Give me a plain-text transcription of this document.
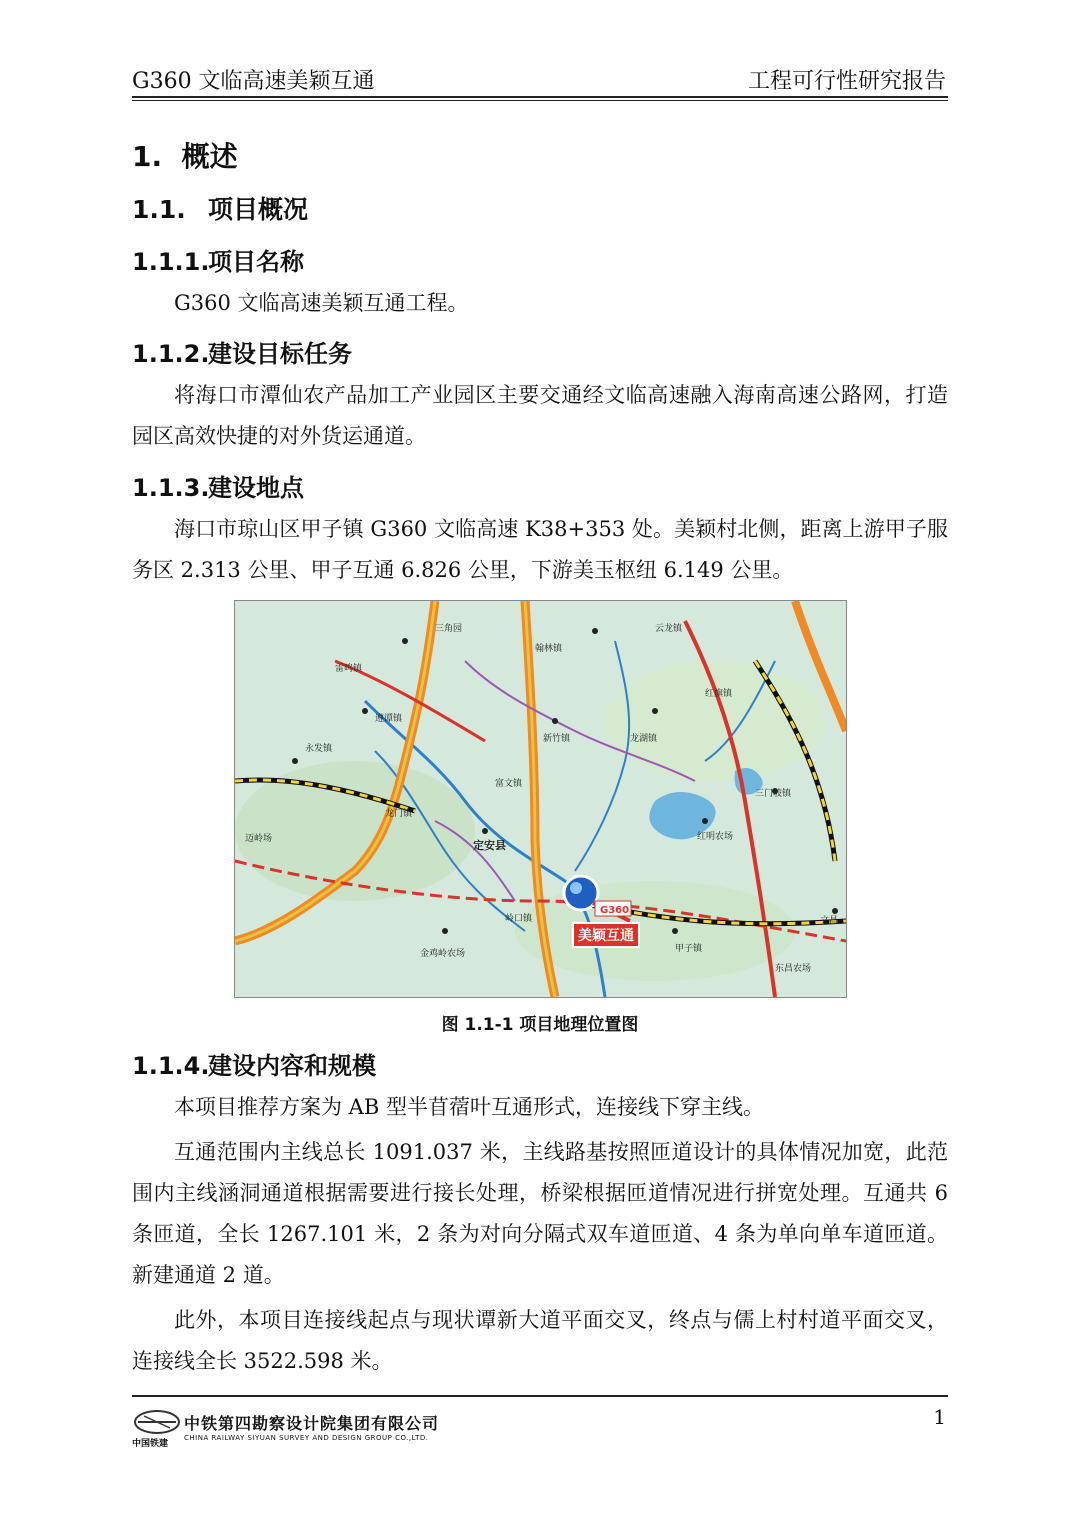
G360 文临高速美颖互通	工程可行性研究报告
1. 概述
1.1. 项目概况
1.1.1.项目名称
G360 文临高速美颖互通工程。
1.1.2.建设目标任务
将海口市潭仙农产品加工产业园区主要交通经文临高速融入海南高速公路网，打造园区高效快捷的对外货运通道。
1.1.3.建设地点
海口市琼山区甲子镇 G360 文临高速 K38+353 处。美颖村北侧，距离上游甲子服务区 2.313 公里、甲子互通 6.826 公里，下游美玉枢纽 6.149 公里。
定安县
新竹镇	龙湖镇
甲子镇
三门坡镇
红明农场
云龙镇
红旗镇
岭口镇
金鸡岭农场
翰林镇
东昌农场
文昌
遵谭镇
永发镇
雷鸣镇
迈岭场
三角园
富文镇
龙门镇
G360
美颖互通
图 1.1-1 项目地理位置图
1.1.4.建设内容和规模
本项目推荐方案为 AB 型半苜蓿叶互通形式，连接线下穿主线。
互通范围内主线总长 1091.037 米，主线路基按照匝道设计的具体情况加宽，此范围内主线涵洞通道根据需要进行接长处理，桥梁根据匝道情况进行拼宽处理。互通共 6 条匝道，全长 1267.101 米，2 条为对向分隔式双车道匝道、4 条为单向单车道匝道。新建通道 2 道。
此外，本项目连接线起点与现状谭新大道平面交叉，终点与儒上村村道平面交叉，连接线全长 3522.598 米。
中国铁建
中铁第四勘察设计院集团有限公司
CHINA RAILWAY SIYUAN SURVEY AND DESIGN GROUP CO.,LTD.
1
